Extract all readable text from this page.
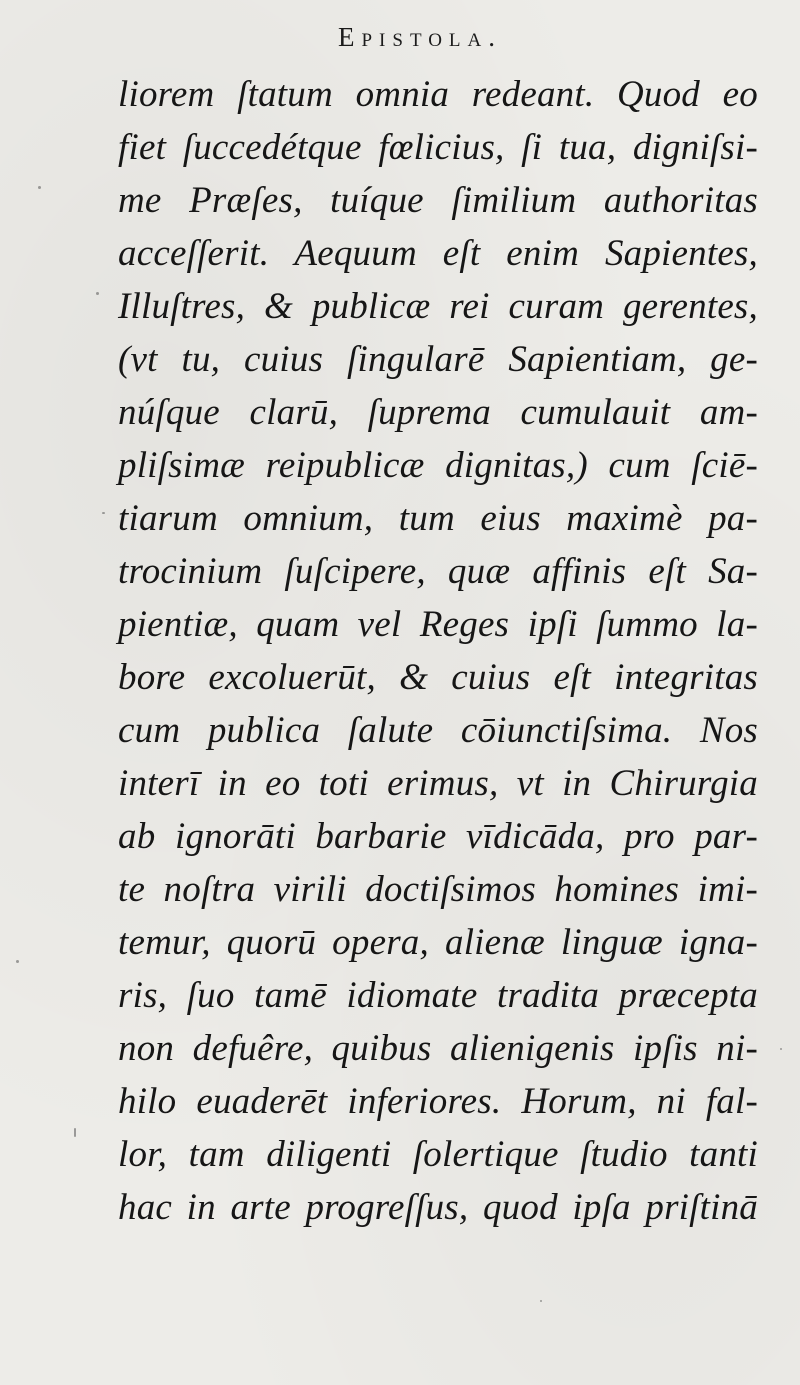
Epistola.
liorem ſtatum omnia redeant. Quod eo
fiet ſuccedétque fœlicius, ſi tua, digniſsi-
me Præſes, tuíque ſimilium authoritas
acceſſerit. Aequum eſt enim Sapientes,
Illuſtres, & publicæ rei curam gerentes,
(vt tu, cuius ſingularē Sapientiam, ge-
núſque clarū, ſuprema cumulauit am-
pliſsimæ reipublicæ dignitas,) cum ſciē-
tiarum omnium, tum eius maximè pa-
trocinium ſuſcipere, quæ affinis eſt Sa-
pientiæ, quam vel Reges ipſi ſummo la-
bore excoluerūt, & cuius eſt integritas
cum publica ſalute cōiunctiſsima. Nos
interī in eo toti erimus, vt in Chirurgia
ab ignorāti barbarie vīdicāda, pro par-
te noſtra virili doctiſsimos homines imi-
temur, quorū opera, alienæ linguæ igna-
ris, ſuo tamē idiomate tradita præcepta
non defuêre, quibus alienigenis ipſis ni-
hilo euaderēt inferiores. Horum, ni fal-
lor, tam diligenti ſolertique ſtudio tanti
hac in arte progreſſus, quod ipſa priſtinā
